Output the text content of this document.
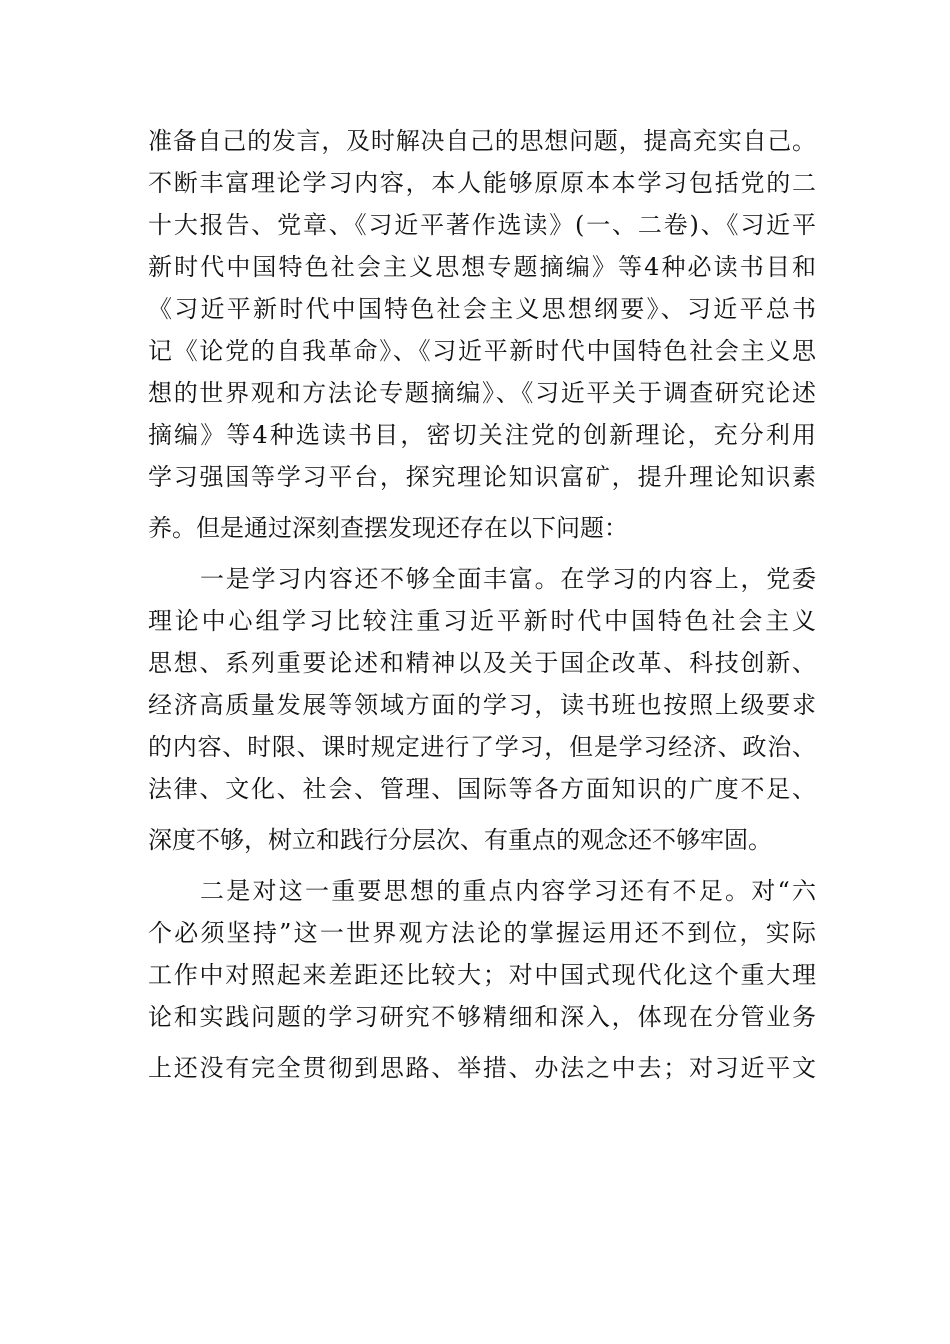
准备自己的发言，及时解决自己的思想问题，提高充实自己。
不断丰富理论学习内容，本人能够原原本本学习包括党的二
十大报告、党章、《习近平著作选读》(一、二卷)、《习近平
新时代中国特色社会主义思想专题摘编》等4种必读书目和
《习近平新时代中国特色社会主义思想纲要》、习近平总书
记《论党的自我革命》、《习近平新时代中国特色社会主义思
想的世界观和方法论专题摘编》、《习近平关于调查研究论述
摘编》等4种选读书目，密切关注党的创新理论，充分利用
学习强国等学习平台，探究理论知识富矿，提升理论知识素
养。但是通过深刻查摆发现还存在以下问题：
一是学习内容还不够全面丰富。在学习的内容上，党委
理论中心组学习比较注重习近平新时代中国特色社会主义
思想、系列重要论述和精神以及关于国企改革、科技创新、
经济高质量发展等领域方面的学习，读书班也按照上级要求
的内容、时限、课时规定进行了学习，但是学习经济、政治、
法律、文化、社会、管理、国际等各方面知识的广度不足、
深度不够，树立和践行分层次、有重点的观念还不够牢固。
二是对这一重要思想的重点内容学习还有不足。对“六
个必须坚持”这一世界观方法论的掌握运用还不到位，实际
工作中对照起来差距还比较大；对中国式现代化这个重大理
论和实践问题的学习研究不够精细和深入，体现在分管业务
上还没有完全贯彻到思路、举措、办法之中去；对习近平文
